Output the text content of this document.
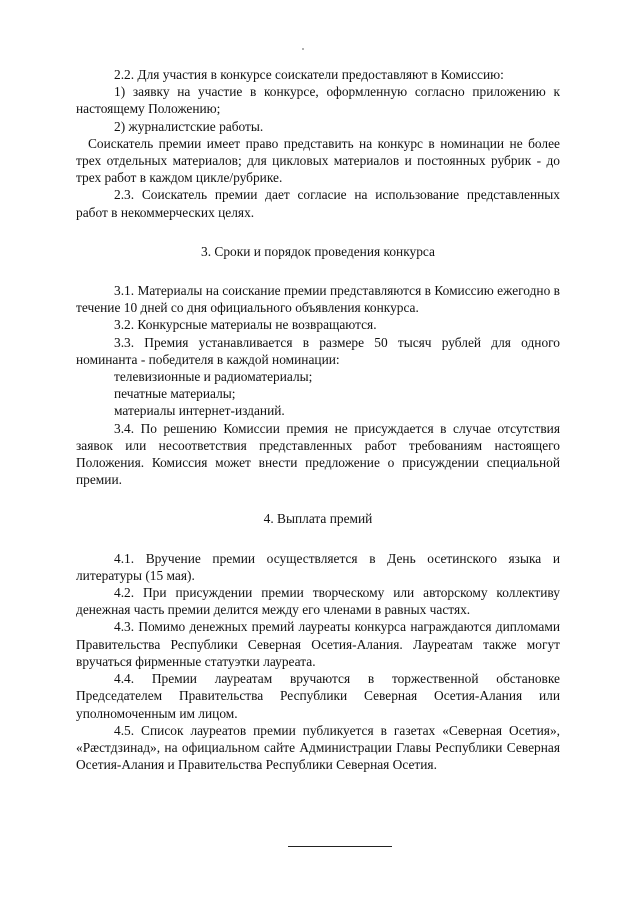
2.2. Для участия в конкурсе соискатели предоставляют в Комиссию:

1) заявку на участие в конкурсе, оформленную согласно приложению к настоящему Положению;

2) журналистские работы.

Соискатель премии имеет право представить на конкурс в номинации не более трех отдельных материалов; для цикловых материалов и постоянных рубрик - до трех работ в каждом цикле/рубрике.

2.3. Соискатель премии дает согласие на использование представленных работ в некоммерческих целях.

3. Сроки и порядок проведения конкурса

3.1. Материалы на соискание премии представляются в Комиссию ежегодно в течение 10 дней со дня официального объявления конкурса.

3.2. Конкурсные материалы не возвращаются.

3.3. Премия устанавливается в размере 50 тысяч рублей для одного номинанта - победителя в каждой номинации:

телевизионные и радиоматериалы;

печатные материалы;

материалы интернет-изданий.

3.4. По решению Комиссии премия не присуждается в случае отсутствия заявок или несоответствия представленных работ требованиям настоящего Положения. Комиссия может внести предложение о присуждении специальной премии.

4. Выплата премий

4.1. Вручение премии осуществляется в День осетинского языка и литературы (15 мая).

4.2. При присуждении премии творческому или авторскому коллективу денежная часть премии делится между его членами в равных частях.

4.3. Помимо денежных премий лауреаты конкурса награждаются дипломами Правительства Республики Северная Осетия-Алания. Лауреатам также могут вручаться фирменные статуэтки лауреата.

4.4. Премии лауреатам вручаются в торжественной обстановке Председателем Правительства Республики Северная Осетия-Алания или уполномоченным им лицом.

4.5. Список лауреатов премии публикуется в газетах «Северная Осетия», «Рæстдзинад», на официальном сайте Администрации Главы Республики Северная Осетия-Алания и Правительства Республики Северная Осетия.
